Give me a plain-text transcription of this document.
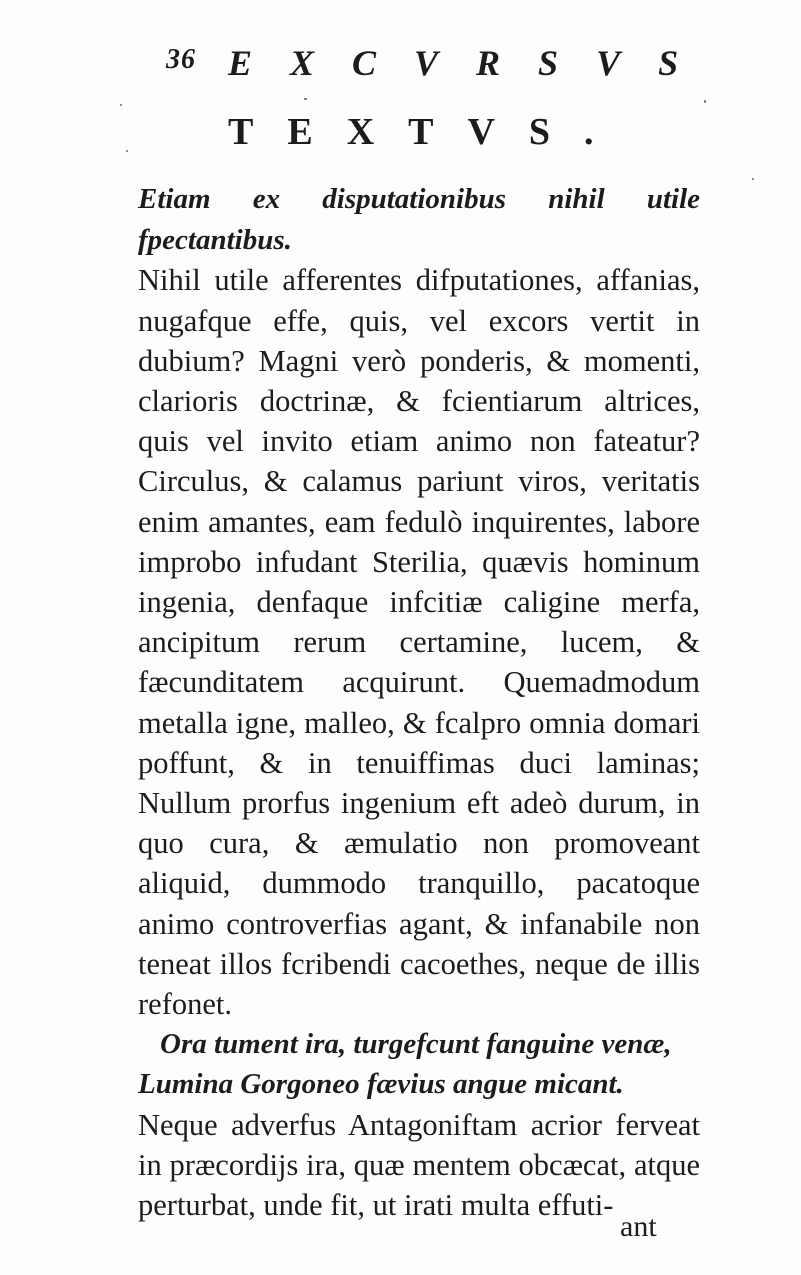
36 EXCVRSVS
TEXTVS.

Etiam ex disputationibus nihil utile fpectantibus.

Nihil utile afferentes difputationes, affanias, nugafque effe, quis, vel excors vertit in dubium? Magni verò ponderis, & momenti, clarioris doctrinæ, & fcientiarum altrices, quis vel invito etiam animo non fateatur? Circulus, & calamus pariunt viros, veritatis enim amantes, eam fedulò inquirentes, labore improbo infudant Sterilia, quævis hominum ingenia, denfaque infcitiæ caligine merfa, ancipitum rerum certamine, lucem, & fæcunditatem acquirunt. Quemadmodum metalla igne, malleo, & fcalpro omnia domari poffunt, & in tenuiffimas duci laminas; Nullum prorfus ingenium eft adeò durum, in quo cura, & æmulatio non promoveant aliquid, dummodo tranquillo, pacatoque animo controverfias agant, & infanabile non teneat illos fcribendi cacoethes, neque de illis refonet.

Ora tument ira, turgefcunt fanguine venæ,

Lumina Gorgoneo fævius angue micant.

Neque adverfus Antagoniftam acrior ferveat in præcordijs ira, quæ mentem obcæcat, atque perturbat, unde fit, ut irati multa effuti-

ant
